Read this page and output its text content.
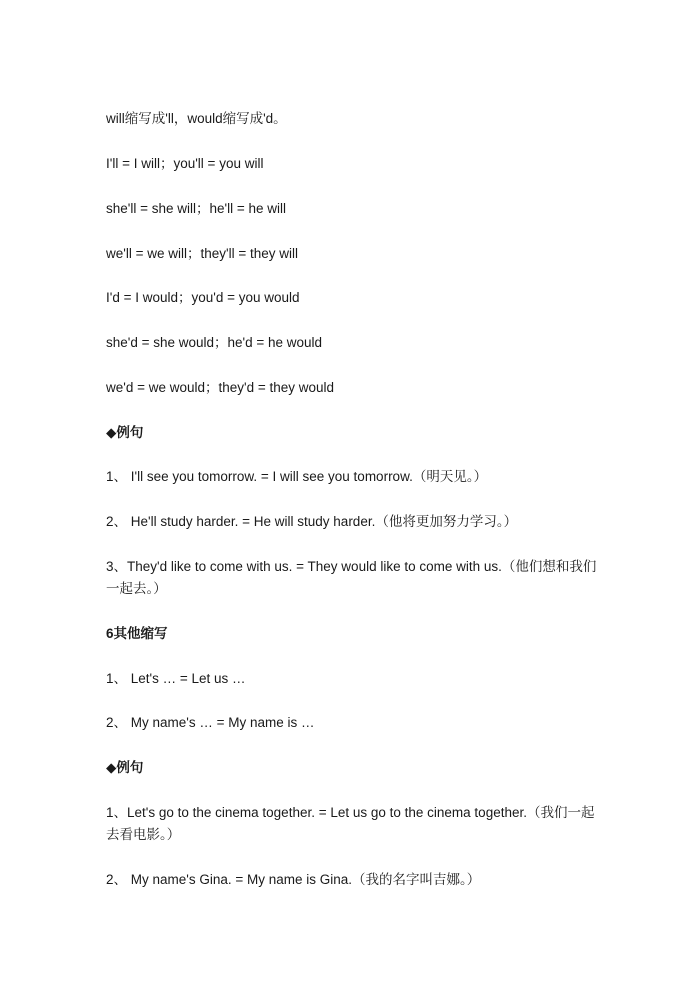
will缩写成'll，would缩写成'd。
I'll = I will；you'll = you will
she'll = she will；he'll = he will
we'll = we will；they'll = they will
I'd = I would；you'd = you would
she'd = she would；he'd = he would
we'd = we would；they'd = they would
◆例句
1、 I'll see you tomorrow. = I will see you tomorrow.（明天见。）
2、 He'll study harder. = He will study harder.（他将更加努力学习。）
3、They'd like to come with us. = They would like to come with us.（他们想和我们一起去。）
6其他缩写
1、 Let's … = Let us …
2、 My name's … = My name is …
◆例句
1、Let's go to the cinema together. = Let us go to the cinema together.（我们一起去看电影。）
2、 My name's Gina. = My name is Gina.（我的名字叫吉娜。）
